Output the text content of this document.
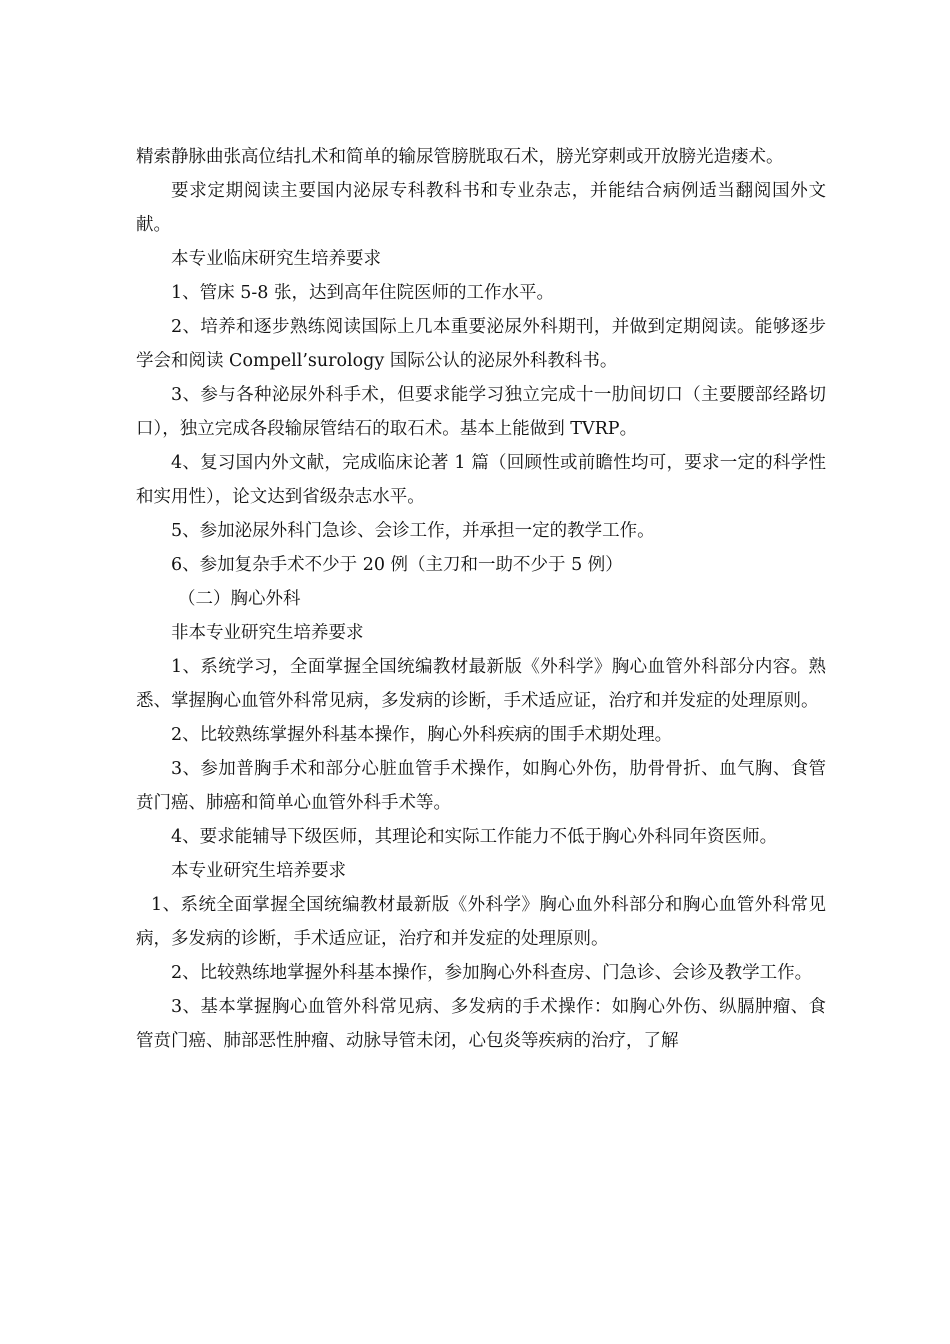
精索静脉曲张高位结扎术和简单的输尿管膀胱取石术，膀光穿刺或开放膀光造瘘术。

要求定期阅读主要国内泌尿专科教科书和专业杂志，并能结合病例适当翻阅国外文献。

本专业临床研究生培养要求

1、管床 5-8 张，达到高年住院医师的工作水平。

2、培养和逐步熟练阅读国际上几本重要泌尿外科期刊，并做到定期阅读。能够逐步学会和阅读 Compell’surology 国际公认的泌尿外科教科书。

3、参与各种泌尿外科手术，但要求能学习独立完成十一肋间切口（主要腰部经路切口），独立完成各段输尿管结石的取石术。基本上能做到 TVRP。

4、复习国内外文献，完成临床论著 1 篇（回顾性或前瞻性均可，要求一定的科学性和实用性），论文达到省级杂志水平。

5、参加泌尿外科门急诊、会诊工作，并承担一定的教学工作。

6、参加复杂手术不少于 20 例（主刀和一助不少于 5 例）

（二）胸心外科

非本专业研究生培养要求

1、系统学习，全面掌握全国统编教材最新版《外科学》胸心血管外科部分内容。熟悉、掌握胸心血管外科常见病，多发病的诊断，手术适应证，治疗和并发症的处理原则。

2、比较熟练掌握外科基本操作，胸心外科疾病的围手术期处理。

3、参加普胸手术和部分心脏血管手术操作，如胸心外伤，肋骨骨折、血气胸、食管贲门癌、肺癌和简单心血管外科手术等。

4、要求能辅导下级医师，其理论和实际工作能力不低于胸心外科同年资医师。

本专业研究生培养要求

1、系统全面掌握全国统编教材最新版《外科学》胸心血外科部分和胸心血管外科常见病，多发病的诊断，手术适应证，治疗和并发症的处理原则。

2、比较熟练地掌握外科基本操作，参加胸心外科查房、门急诊、会诊及教学工作。

3、基本掌握胸心血管外科常见病、多发病的手术操作：如胸心外伤、纵膈肿瘤、食管贲门癌、肺部恶性肿瘤、动脉导管未闭，心包炎等疾病的治疗，了解
